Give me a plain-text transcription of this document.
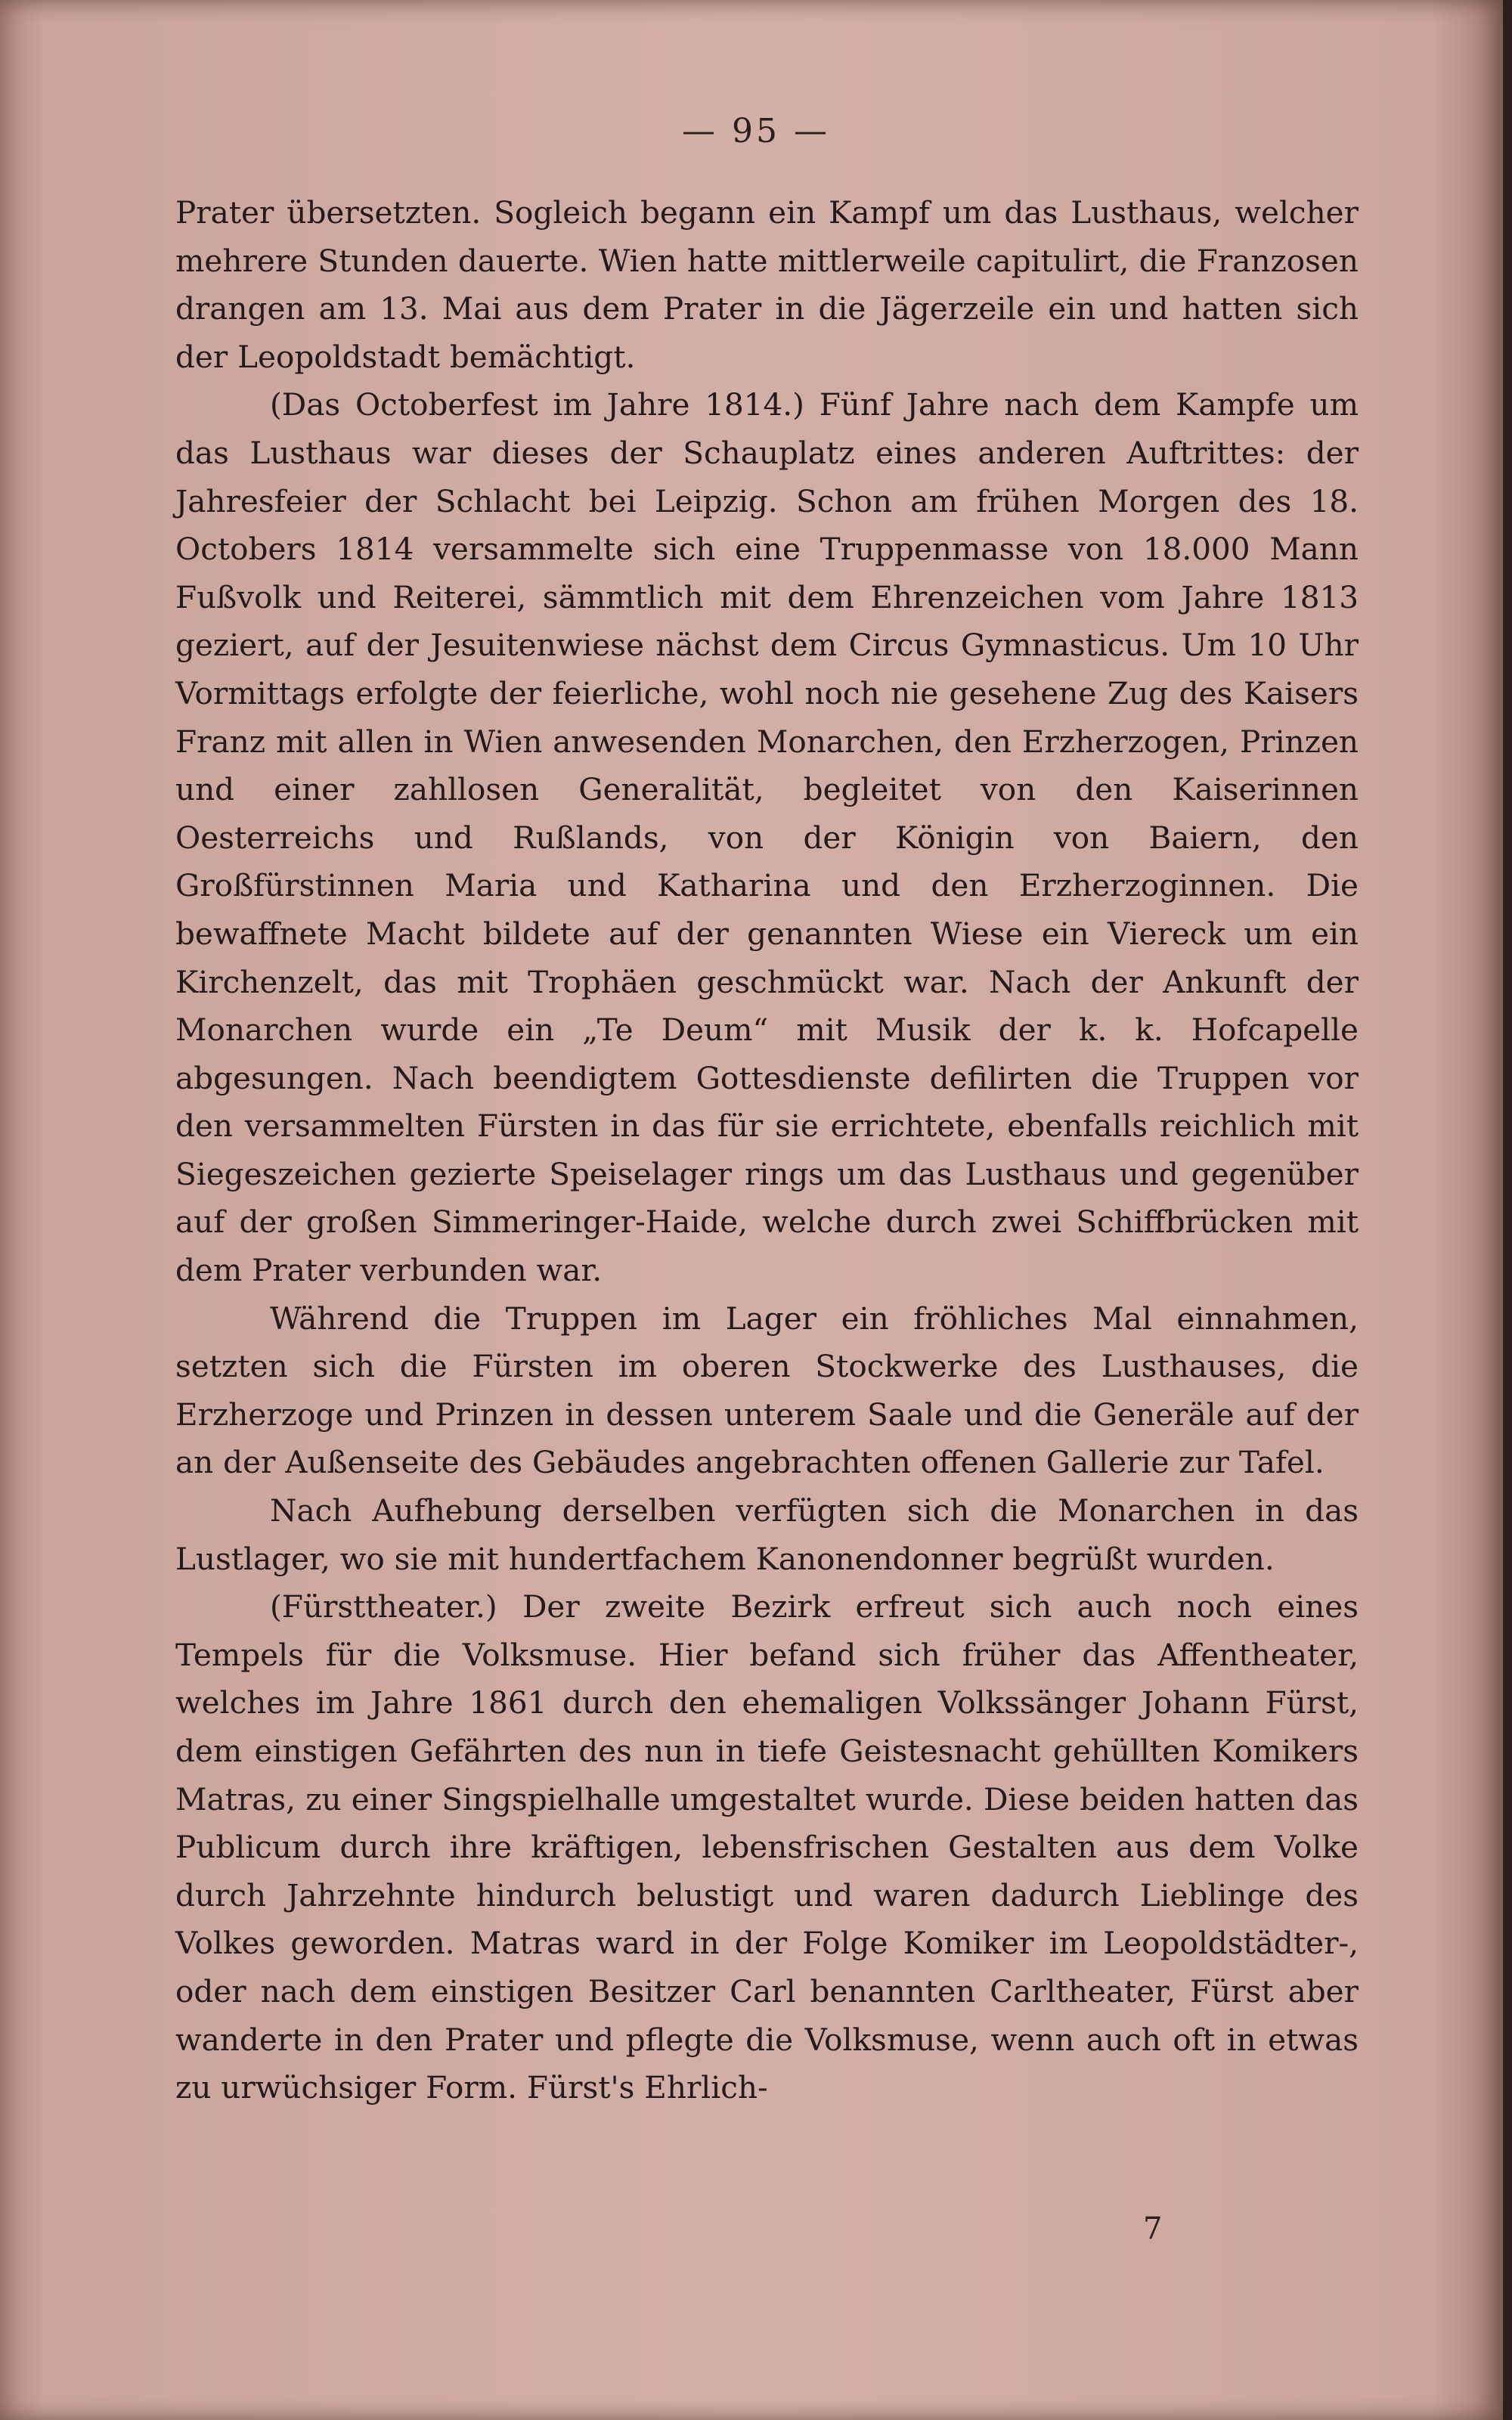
— 95 —

Prater übersetzten. Sogleich begann ein Kampf um das Lusthaus, welcher mehrere Stunden dauerte. Wien hatte mittlerweile capitulirt, die Franzosen drangen am 13. Mai aus dem Prater in die Jägerzeile ein und hatten sich der Leopoldstadt bemächtigt.

(Das Octoberfest im Jahre 1814.) Fünf Jahre nach dem Kampfe um das Lusthaus war dieses der Schauplatz eines anderen Auftrittes: der Jahresfeier der Schlacht bei Leipzig. Schon am frühen Morgen des 18. Octobers 1814 versammelte sich eine Truppenmasse von 18.000 Mann Fußvolk und Reiterei, sämmtlich mit dem Ehrenzeichen vom Jahre 1813 geziert, auf der Jesuitenwiese nächst dem Circus Gymnasticus. Um 10 Uhr Vormittags erfolgte der feierliche, wohl noch nie gesehene Zug des Kaisers Franz mit allen in Wien anwesenden Monarchen, den Erzherzogen, Prinzen und einer zahllosen Generalität, begleitet von den Kaiserinnen Oesterreichs und Rußlands, von der Königin von Baiern, den Großfürstinnen Maria und Katharina und den Erzherzoginnen. Die bewaffnete Macht bildete auf der genannten Wiese ein Viereck um ein Kirchenzelt, das mit Trophäen geschmückt war. Nach der Ankunft der Monarchen wurde ein „Te Deum“ mit Musik der k. k. Hofcapelle abgesungen. Nach beendigtem Gottesdienste defilirten die Truppen vor den versammelten Fürsten in das für sie errichtete, ebenfalls reichlich mit Siegeszeichen gezierte Speiselager rings um das Lusthaus und gegenüber auf der großen Simmeringer-Haide, welche durch zwei Schiffbrücken mit dem Prater verbunden war.

Während die Truppen im Lager ein fröhliches Mal einnahmen, setzten sich die Fürsten im oberen Stockwerke des Lusthauses, die Erzherzoge und Prinzen in dessen unterem Saale und die Generäle auf der an der Außenseite des Gebäudes angebrachten offenen Gallerie zur Tafel.

Nach Aufhebung derselben verfügten sich die Monarchen in das Lustlager, wo sie mit hundertfachem Kanonendonner begrüßt wurden.

(Fürsttheater.) Der zweite Bezirk erfreut sich auch noch eines Tempels für die Volksmuse. Hier befand sich früher das Affentheater, welches im Jahre 1861 durch den ehemaligen Volkssänger Johann Fürst, dem einstigen Gefährten des nun in tiefe Geistesnacht gehüllten Komikers Matras, zu einer Singspielhalle umgestaltet wurde. Diese beiden hatten das Publicum durch ihre kräftigen, lebensfrischen Gestalten aus dem Volke durch Jahrzehnte hindurch belustigt und waren dadurch Lieblinge des Volkes geworden. Matras ward in der Folge Komiker im Leopoldstädter-, oder nach dem einstigen Besitzer Carl benannten Carltheater, Fürst aber wanderte in den Prater und pflegte die Volksmuse, wenn auch oft in etwas zu urwüchsiger Form. Fürst's Ehrlich-

7
